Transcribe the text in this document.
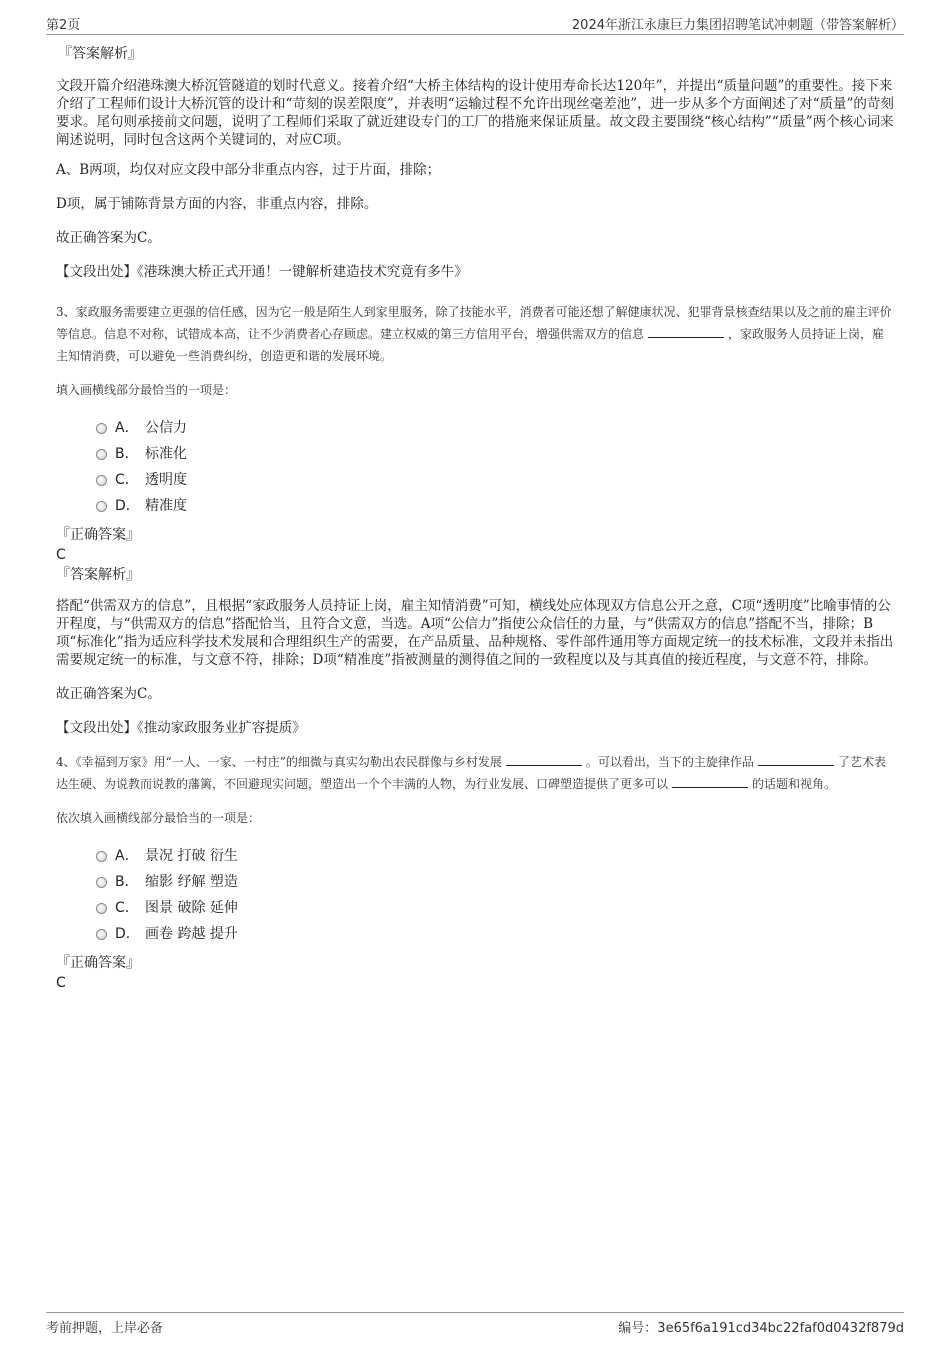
第2页	2024年浙江永康巨力集团招聘笔试冲刺题（带答案解析）
『答案解析』

文段开篇介绍港珠澳大桥沉管隧道的划时代意义。接着介绍“大桥主体结构的设计使用寿命长达120年”，并提出“质量问题”的重要性。接下来介绍了工程师们设计大桥沉管的设计和“苛刻的误差限度”，并表明“运输过程不允许出现丝毫差池”，进一步从多个方面阐述了对“质量”的苛刻要求。尾句则承接前文问题，说明了工程师们采取了就近建设专门的工厂的措施来保证质量。故文段主要围绕“核心结构”“质量”两个核心词来阐述说明，同时包含这两个关键词的，对应C项。

A、B两项，均仅对应文段中部分非重点内容，过于片面，排除；

D项，属于铺陈背景方面的内容，非重点内容，排除。

故正确答案为C。

【文段出处】《港珠澳大桥正式开通！一键解析建造技术究竟有多牛》

3、家政服务需要建立更强的信任感，因为它一般是陌生人到家里服务，除了技能水平，消费者可能还想了解健康状况、犯罪背景核查结果以及之前的雇主评价等信息。信息不对称，试错成本高，让不少消费者心存顾虑。建立权威的第三方信用平台，增强供需双方的信息	，家政服务人员持证上岗，雇主知情消费，可以避免一些消费纠纷，创造更和谐的发展环境。

填入画横线部分最恰当的一项是：

A． 公信力
B． 标准化
C． 透明度
D． 精准度
『正确答案』
C
『答案解析』

搭配“供需双方的信息”，且根据“家政服务人员持证上岗，雇主知情消费”可知，横线处应体现双方信息公开之意，C项“透明度”比喻事情的公开程度，与“供需双方的信息”搭配恰当，且符合文意，当选。A项“公信力”指使公众信任的力量，与“供需双方的信息”搭配不当，排除；B项“标准化”指为适应科学技术发展和合理组织生产的需要，在产品质量、品种规格、零件部件通用等方面规定统一的技术标准，文段并未指出需要规定统一的标准，与文意不符，排除；D项“精准度”指被测量的测得值之间的一致程度以及与其真值的接近程度，与文意不符，排除。

故正确答案为C。

【文段出处】《推动家政服务业扩容提质》

4、《幸福到万家》用“一人、一家、一村庄”的细微与真实勾勒出农民群像与乡村发展	。可以看出，当下的主旋律作品	了艺术表达生硬、为说教而说教的藩篱，不回避现实问题，塑造出一个个丰满的人物，为行业发展、口碑塑造提供了更多可以	的话题和视角。

依次填入画横线部分最恰当的一项是：

A． 景况 打破 衍生
B． 缩影 纾解 塑造
C． 图景 破除 延伸
D． 画卷 跨越 提升
『正确答案』
C
考前押题，上岸必备	编号：3e65f6a191cd34bc22faf0d0432f879d
